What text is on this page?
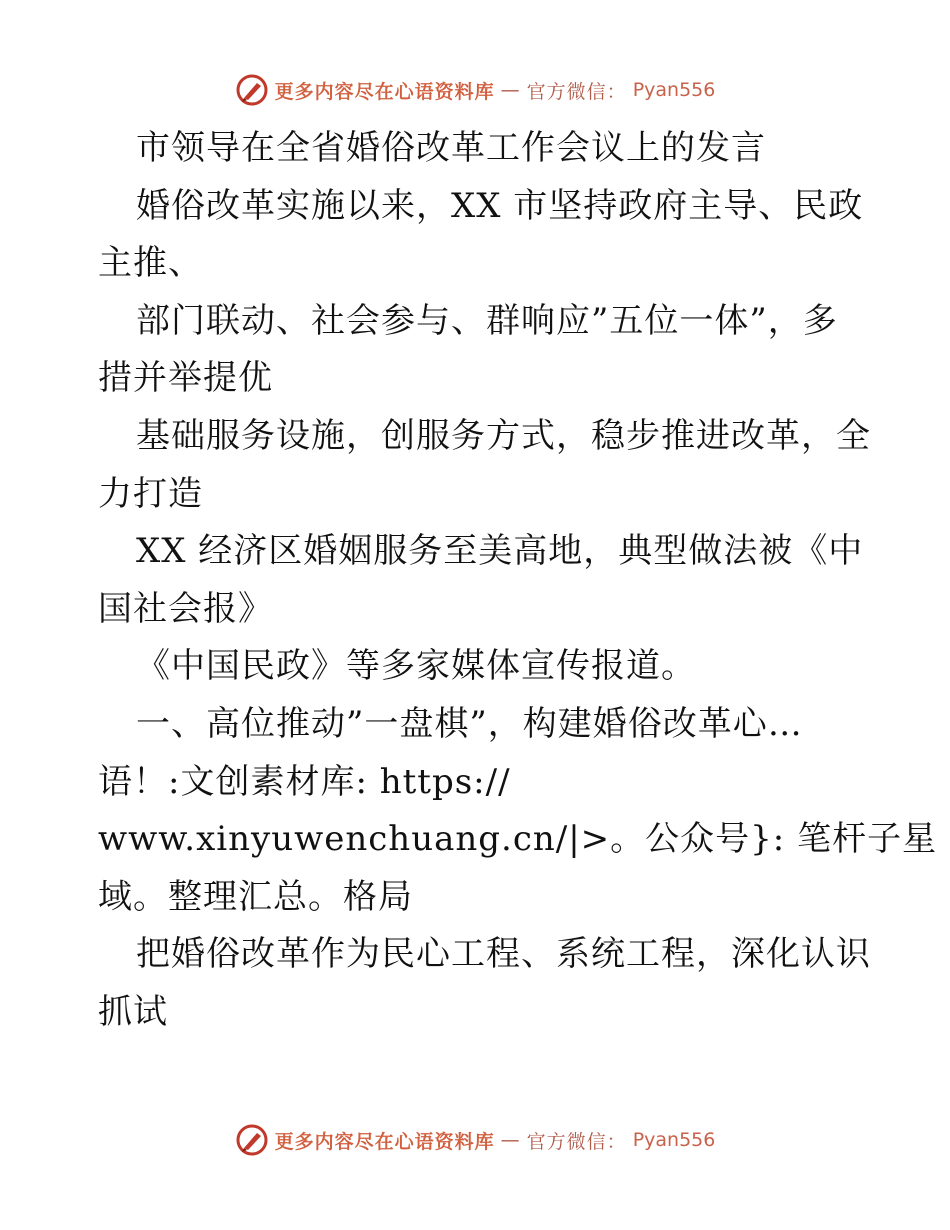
更多内容尽在心语资料库 — 官方微信： Pyan556
市领导在全省婚俗改革工作会议上的发言
婚俗改革实施以来，XX 市坚持政府主导、民政
主推、
部门联动、社会参与、群响应”五位一体”，多
措并举提优
基础服务设施，创服务方式，稳步推进改革，全
力打造
XX 经济区婚姻服务至美高地，典型做法被《中
国社会报》
《中国民政》等多家媒体宣传报道。
一、高位推动”一盘棋”，构建婚俗改革心…
语！:文创素材库: https://
www.xinyuwenchuang.cn/|>。公众号}: 笔杆子星
域。整理汇总。格局
把婚俗改革作为民心工程、系统工程，深化认识
抓试
更多内容尽在心语资料库 — 官方微信： Pyan556
